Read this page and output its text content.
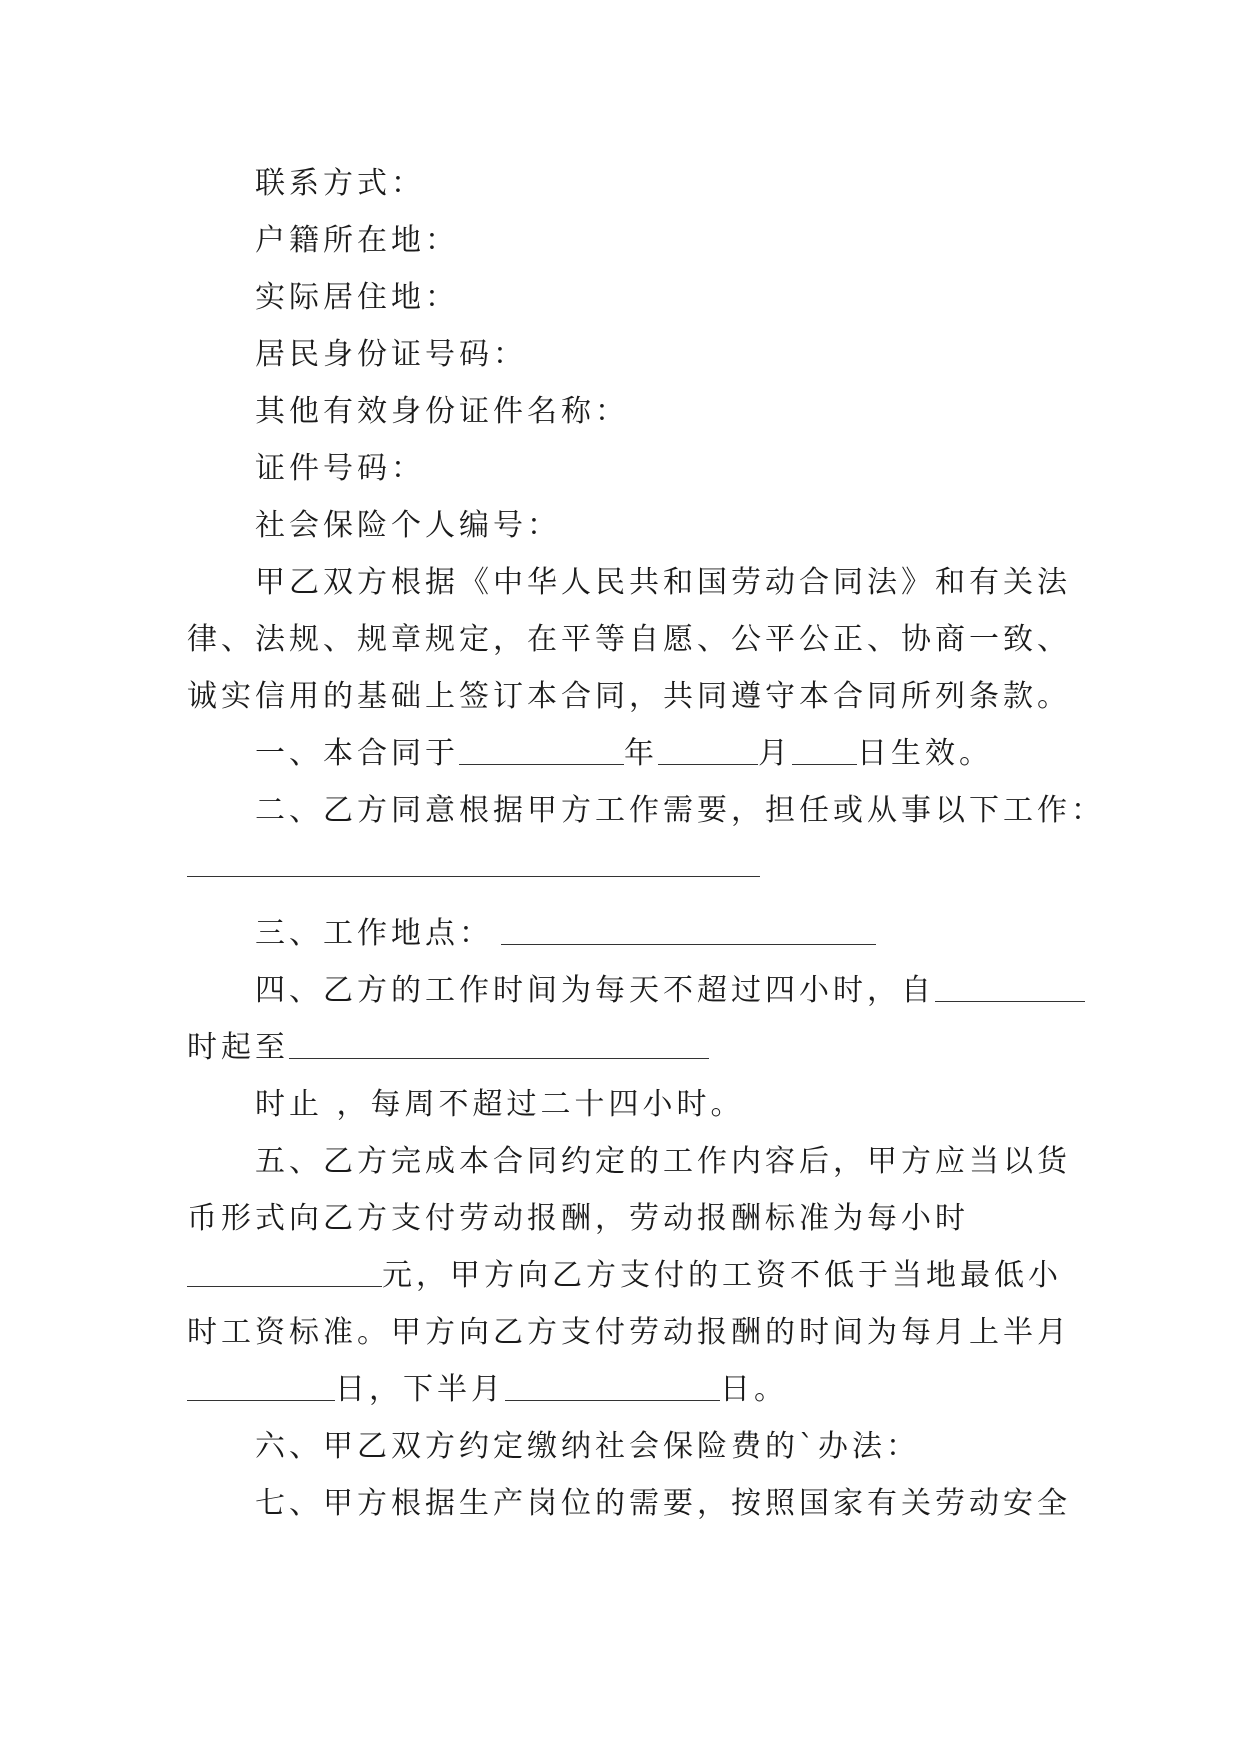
联系方式：
户籍所在地：
实际居住地：
居民身份证号码：
其他有效身份证件名称：
证件号码：
社会保险个人编号：
甲乙双方根据《中华人民共和国劳动合同法》和有关法
律、法规、规章规定，在平等自愿、公平公正、协商一致、
诚实信用的基础上签订本合同，共同遵守本合同所列条款。
一、本合同于	年	月 日生效。
二、乙方同意根据甲方工作需要，担任或从事以下工作：
三、工作地点：
四、乙方的工作时间为每天不超过四小时，自
时起至
时止 ，每周不超过二十四小时。
五、乙方完成本合同约定的工作内容后，甲方应当以货
币形式向乙方支付劳动报酬，劳动报酬标准为每小时
元，甲方向乙方支付的工资不低于当地最低小
时工资标准。甲方向乙方支付劳动报酬的时间为每月上半月
日，下半月	日。
六、甲乙双方约定缴纳社会保险费的`办法：
七、甲方根据生产岗位的需要，按照国家有关劳动安全
